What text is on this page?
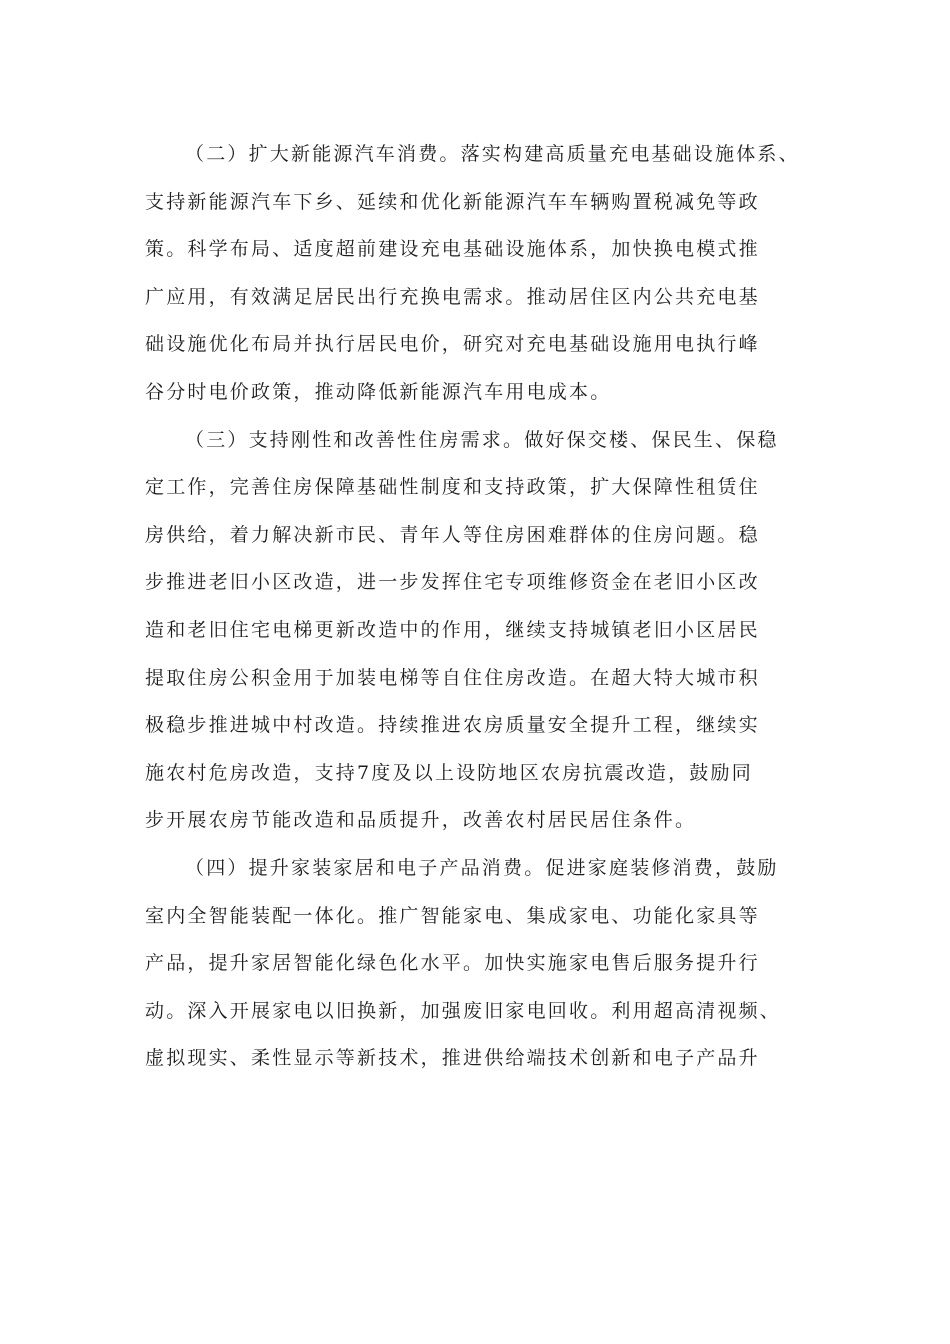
（二）扩大新能源汽车消费。落实构建高质量充电基础设施体系、
支持新能源汽车下乡、延续和优化新能源汽车车辆购置税减免等政
策。科学布局、适度超前建设充电基础设施体系，加快换电模式推
广应用，有效满足居民出行充换电需求。推动居住区内公共充电基
础设施优化布局并执行居民电价，研究对充电基础设施用电执行峰
谷分时电价政策，推动降低新能源汽车用电成本。

（三）支持刚性和改善性住房需求。做好保交楼、保民生、保稳
定工作，完善住房保障基础性制度和支持政策，扩大保障性租赁住
房供给，着力解决新市民、青年人等住房困难群体的住房问题。稳
步推进老旧小区改造，进一步发挥住宅专项维修资金在老旧小区改
造和老旧住宅电梯更新改造中的作用，继续支持城镇老旧小区居民
提取住房公积金用于加装电梯等自住住房改造。在超大特大城市积
极稳步推进城中村改造。持续推进农房质量安全提升工程，继续实
施农村危房改造，支持7度及以上设防地区农房抗震改造，鼓励同
步开展农房节能改造和品质提升，改善农村居民居住条件。

（四）提升家装家居和电子产品消费。促进家庭装修消费，鼓励
室内全智能装配一体化。推广智能家电、集成家电、功能化家具等
产品，提升家居智能化绿色化水平。加快实施家电售后服务提升行
动。深入开展家电以旧换新，加强废旧家电回收。利用超高清视频、
虚拟现实、柔性显示等新技术，推进供给端技术创新和电子产品升
